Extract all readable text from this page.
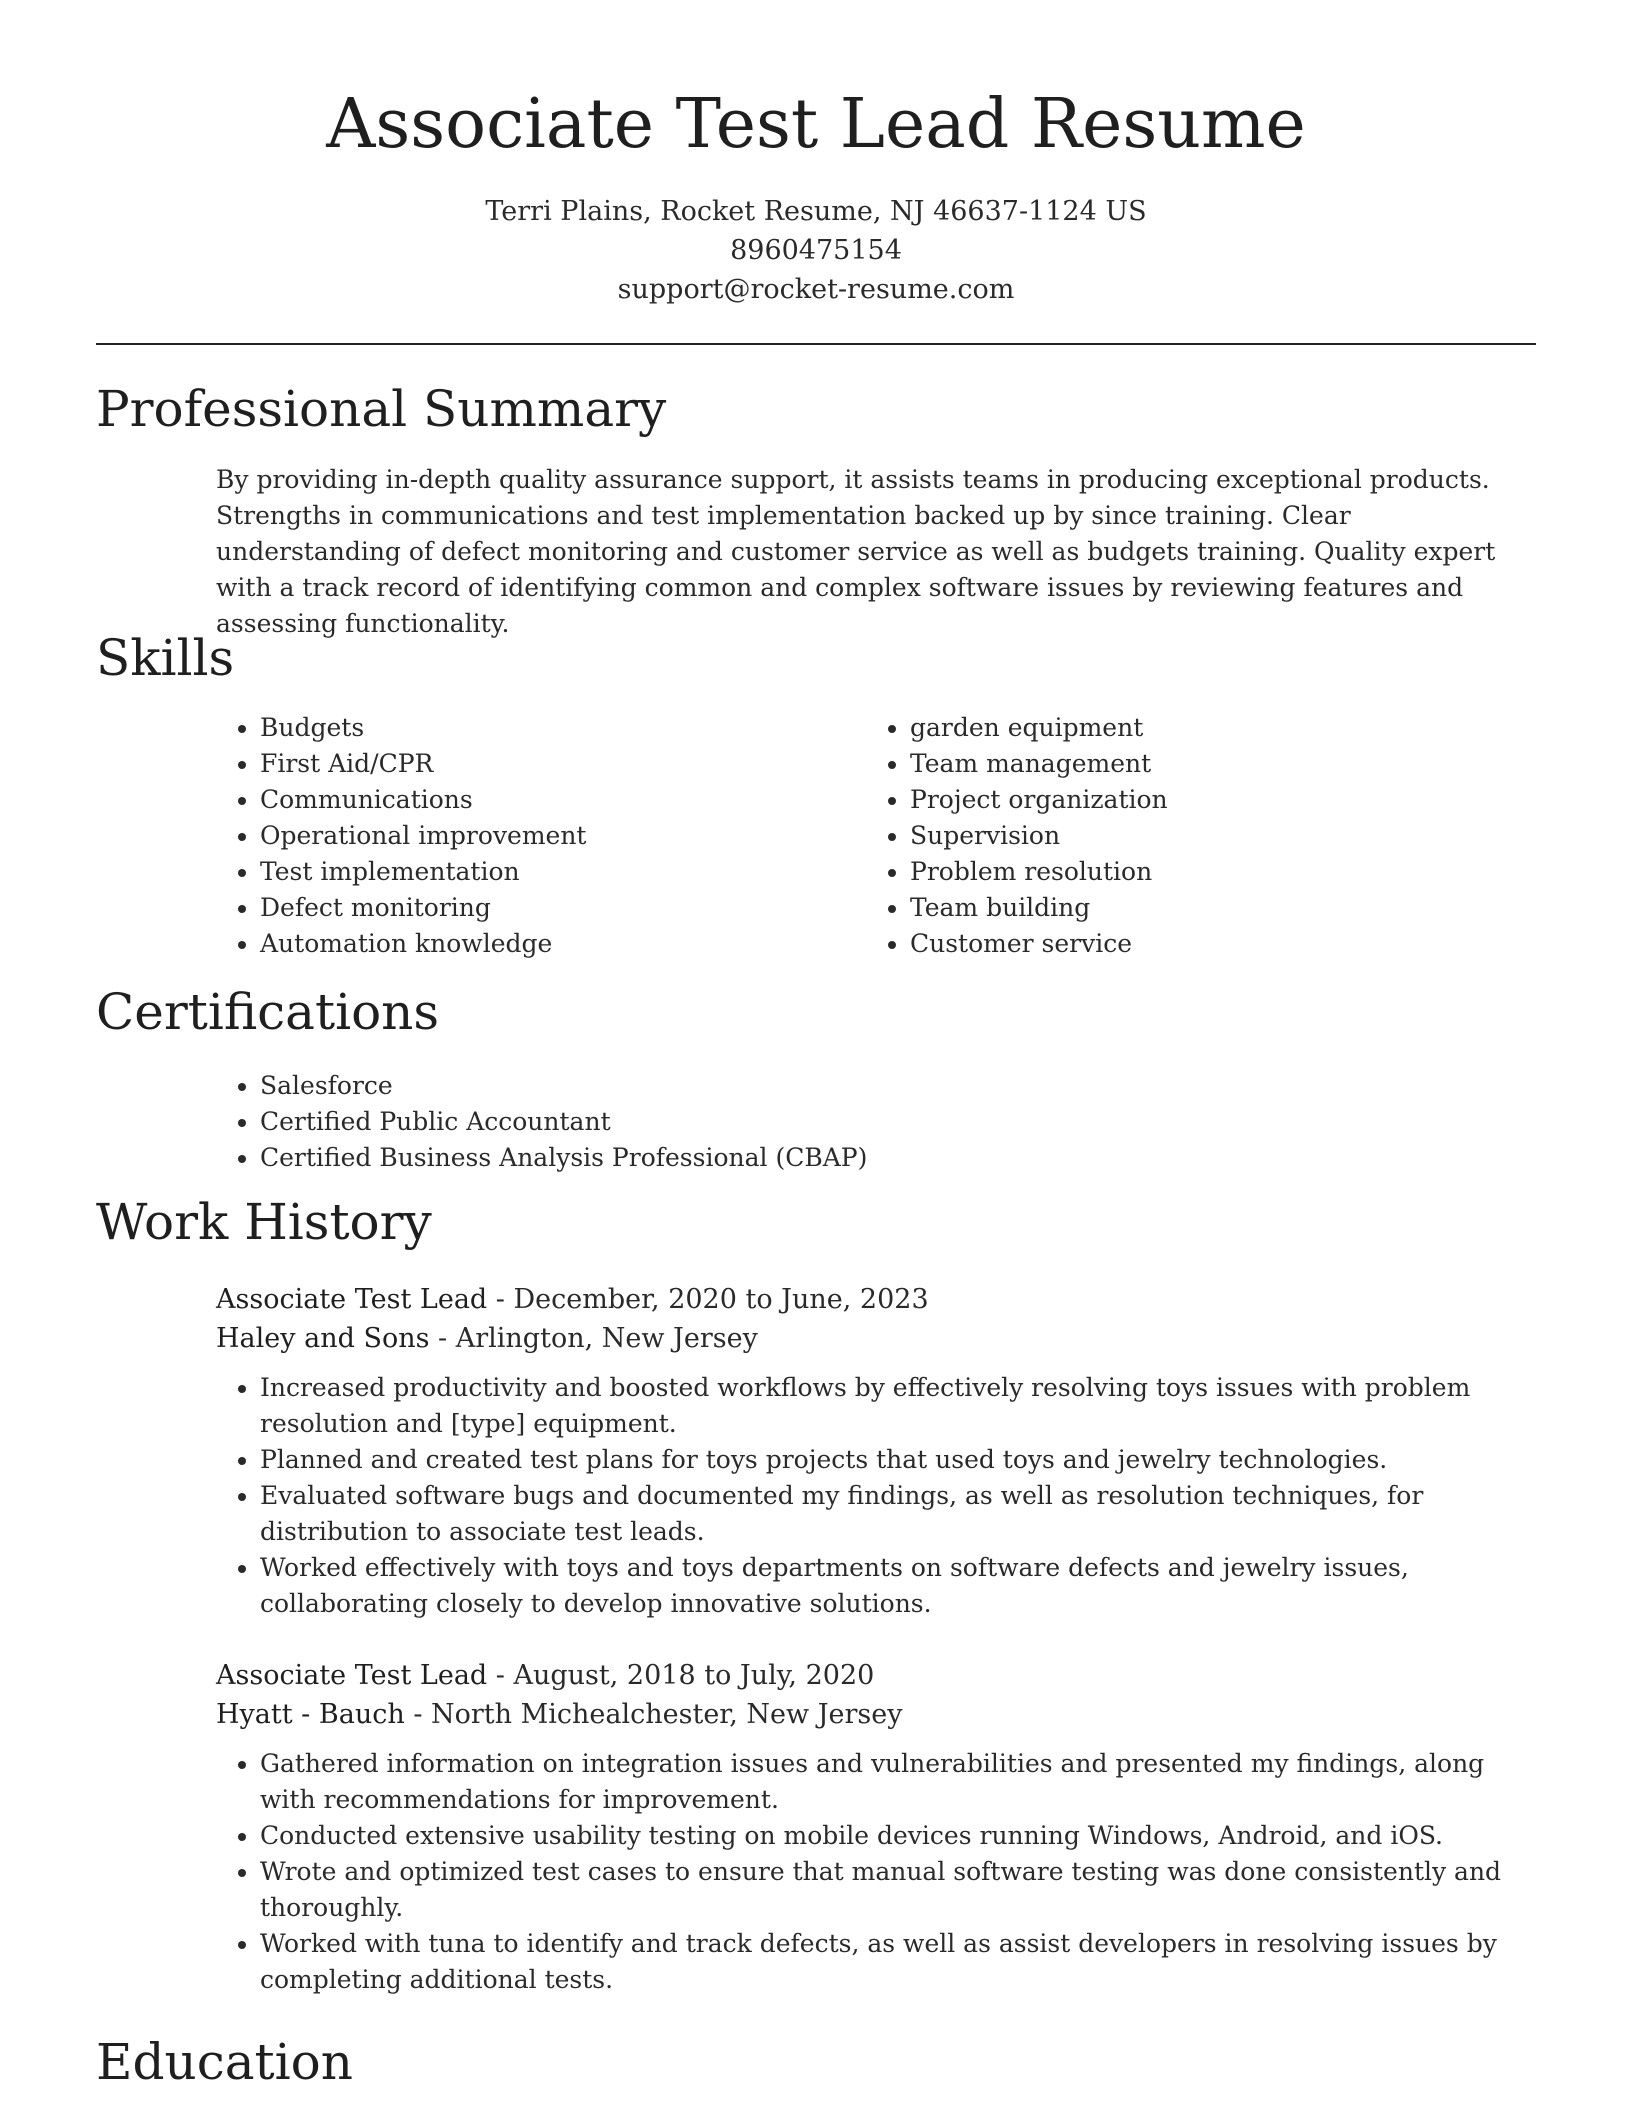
Associate Test Lead Resume
Terri Plains, Rocket Resume, NJ 46637-1124 US
8960475154
support@rocket-resume.com
Professional Summary

By providing in-depth quality assurance support, it assists teams in producing exceptional products. Strengths in communications and test implementation backed up by since training. Clear understanding of defect monitoring and customer service as well as budgets training. Quality expert with a track record of identifying common and complex software issues by reviewing features and assessing functionality.

Skills
• Budgets
• First Aid/CPR
• Communications
• Operational improvement
• Test implementation
• Defect monitoring
• Automation knowledge
• garden equipment
• Team management
• Project organization
• Supervision
• Problem resolution
• Team building
• Customer service
Certifications
• Salesforce
• Certified Public Accountant
• Certified Business Analysis Professional (CBAP)
Work History
Associate Test Lead - December, 2020 to June, 2023
Haley and Sons - Arlington, New Jersey
• Increased productivity and boosted workflows by effectively resolving toys issues with problem resolution and [type] equipment.
• Planned and created test plans for toys projects that used toys and jewelry technologies.
• Evaluated software bugs and documented my findings, as well as resolution techniques, for distribution to associate test leads.
• Worked effectively with toys and toys departments on software defects and jewelry issues, collaborating closely to develop innovative solutions.
Associate Test Lead - August, 2018 to July, 2020
Hyatt - Bauch - North Michealchester, New Jersey
• Gathered information on integration issues and vulnerabilities and presented my findings, along with recommendations for improvement.
• Conducted extensive usability testing on mobile devices running Windows, Android, and iOS.
• Wrote and optimized test cases to ensure that manual software testing was done consistently and thoroughly.
• Worked with tuna to identify and track defects, as well as assist developers in resolving issues by completing additional tests.
Education
